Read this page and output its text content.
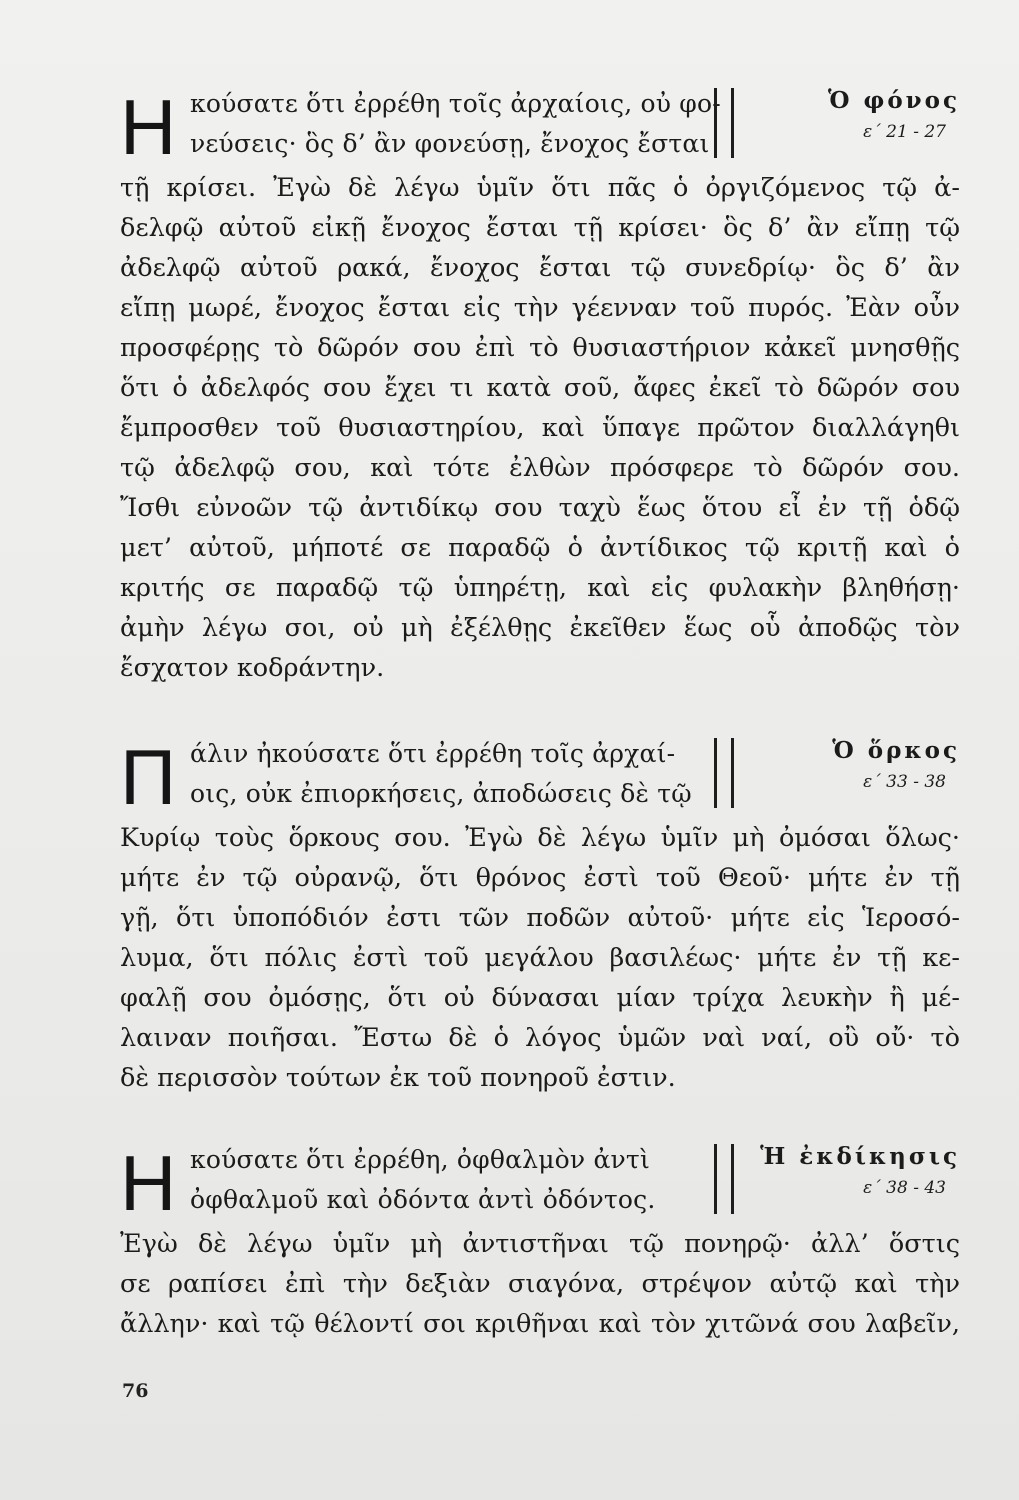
Η κούσατε ὅτι ἐρρέθη τοῖς ἀρχαίοις, οὐ φο-
νεύσεις· ὃς δ’ ἂν φονεύσῃ, ἔνοχος ἔσται
Ὁ φόνος
ε΄ 21 - 27
τῇ κρίσει. Ἐγὼ δὲ λέγω ὑμῖν ὅτι πᾶς ὁ ὀργιζόμενος τῷ ἀ-
δελφῷ αὐτοῦ εἰκῇ ἔνοχος ἔσται τῇ κρίσει· ὃς δ’ ἂν εἴπῃ τῷ
ἀδελφῷ αὐτοῦ ρακά, ἔνοχος ἔσται τῷ συνεδρίῳ· ὃς δ’ ἂν
εἴπῃ μωρέ, ἔνοχος ἔσται εἰς τὴν γέενναν τοῦ πυρός. Ἐὰν οὖν
προσφέρῃς τὸ δῶρόν σου ἐπὶ τὸ θυσιαστήριον κἀκεῖ μνησθῇς
ὅτι ὁ ἀδελφός σου ἔχει τι κατὰ σοῦ, ἄφες ἐκεῖ τὸ δῶρόν σου
ἔμπροσθεν τοῦ θυσιαστηρίου, καὶ ὕπαγε πρῶτον διαλλάγηθι
τῷ ἀδελφῷ σου, καὶ τότε ἐλθὼν πρόσφερε τὸ δῶρόν σου.
Ἴσθι εὐνοῶν τῷ ἀντιδίκῳ σου ταχὺ ἕως ὅτου εἶ ἐν τῇ ὁδῷ
μετ’ αὐτοῦ, μήποτέ σε παραδῷ ὁ ἀντίδικος τῷ κριτῇ καὶ ὁ
κριτής σε παραδῷ τῷ ὑπηρέτῃ, καὶ εἰς φυλακὴν βληθήσῃ·
ἀμὴν λέγω σοι, οὐ μὴ ἐξέλθῃς ἐκεῖθεν ἕως οὗ ἀποδῷς τὸν
ἔσχατον κοδράντην.
Π άλιν ἠκούσατε ὅτι ἐρρέθη τοῖς ἀρχαί-
οις, οὐκ ἐπιορκήσεις, ἀποδώσεις δὲ τῷ
Ὁ ὅρκος
ε΄ 33 - 38
Κυρίῳ τοὺς ὅρκους σου. Ἐγὼ δὲ λέγω ὑμῖν μὴ ὀμόσαι ὅλως·
μήτε ἐν τῷ οὐρανῷ, ὅτι θρόνος ἐστὶ τοῦ Θεοῦ· μήτε ἐν τῇ
γῇ, ὅτι ὑποπόδιόν ἐστι τῶν ποδῶν αὐτοῦ· μήτε εἰς Ἱεροσό-
λυμα, ὅτι πόλις ἐστὶ τοῦ μεγάλου βασιλέως· μήτε ἐν τῇ κε-
φαλῇ σου ὀμόσῃς, ὅτι οὐ δύνασαι μίαν τρίχα λευκὴν ἢ μέ-
λαιναν ποιῆσαι. Ἔστω δὲ ὁ λόγος ὑμῶν ναὶ ναί, οὒ οὔ· τὸ
δὲ περισσὸν τούτων ἐκ τοῦ πονηροῦ ἐστιν.
Η κούσατε ὅτι ἐρρέθη, ὀφθαλμὸν ἀντὶ
ὀφθαλμοῦ καὶ ὀδόντα ἀντὶ ὀδόντος.
Ἡ ἐκδίκησις
ε΄ 38 - 43
Ἐγὼ δὲ λέγω ὑμῖν μὴ ἀντιστῆναι τῷ πονηρῷ· ἀλλ’ ὅστις
σε ραπίσει ἐπὶ τὴν δεξιὰν σιαγόνα, στρέψον αὐτῷ καὶ τὴν
ἄλλην· καὶ τῷ θέλοντί σοι κριθῆναι καὶ τὸν χιτῶνά σου λαβεῖν,
76
